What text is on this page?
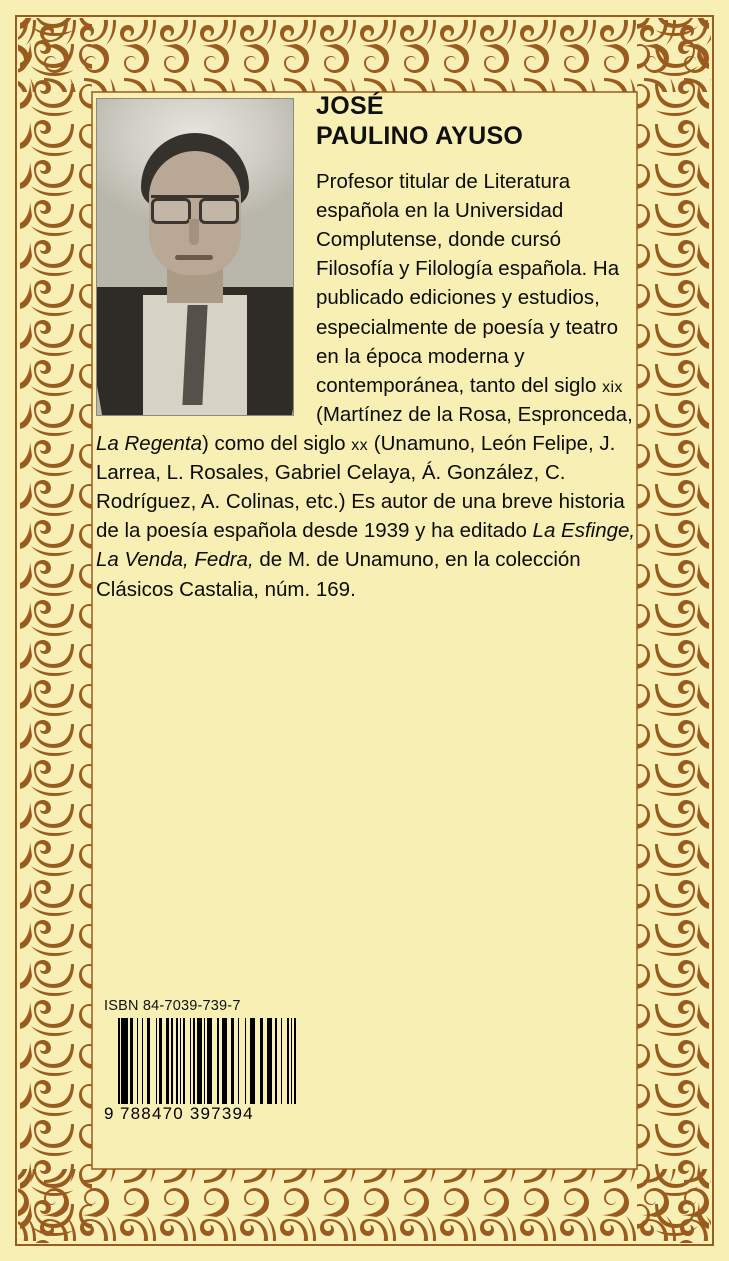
JOSÉ
PAULINO AYUSO
Profesor titular de Literatura española en la Universidad Complutense, donde cursó Filosofía y Filología española. Ha publicado ediciones y estudios, especialmente de poesía y teatro en la época moderna y contemporánea, tanto del siglo xix (Martínez de la Rosa, Espronceda, La Regenta) como del siglo xx (Unamuno, León Felipe, J. Larrea, L. Rosales, Gabriel Celaya, Á. González, C. Rodríguez, A. Colinas, etc.) Es autor de una breve historia de la poesía española desde 1939 y ha editado La Esfinge, La Venda, Fedra, de M. de Unamuno, en la colección Clásicos Castalia, núm. 169.
ISBN 84-7039-739-7
9 788470 397394
